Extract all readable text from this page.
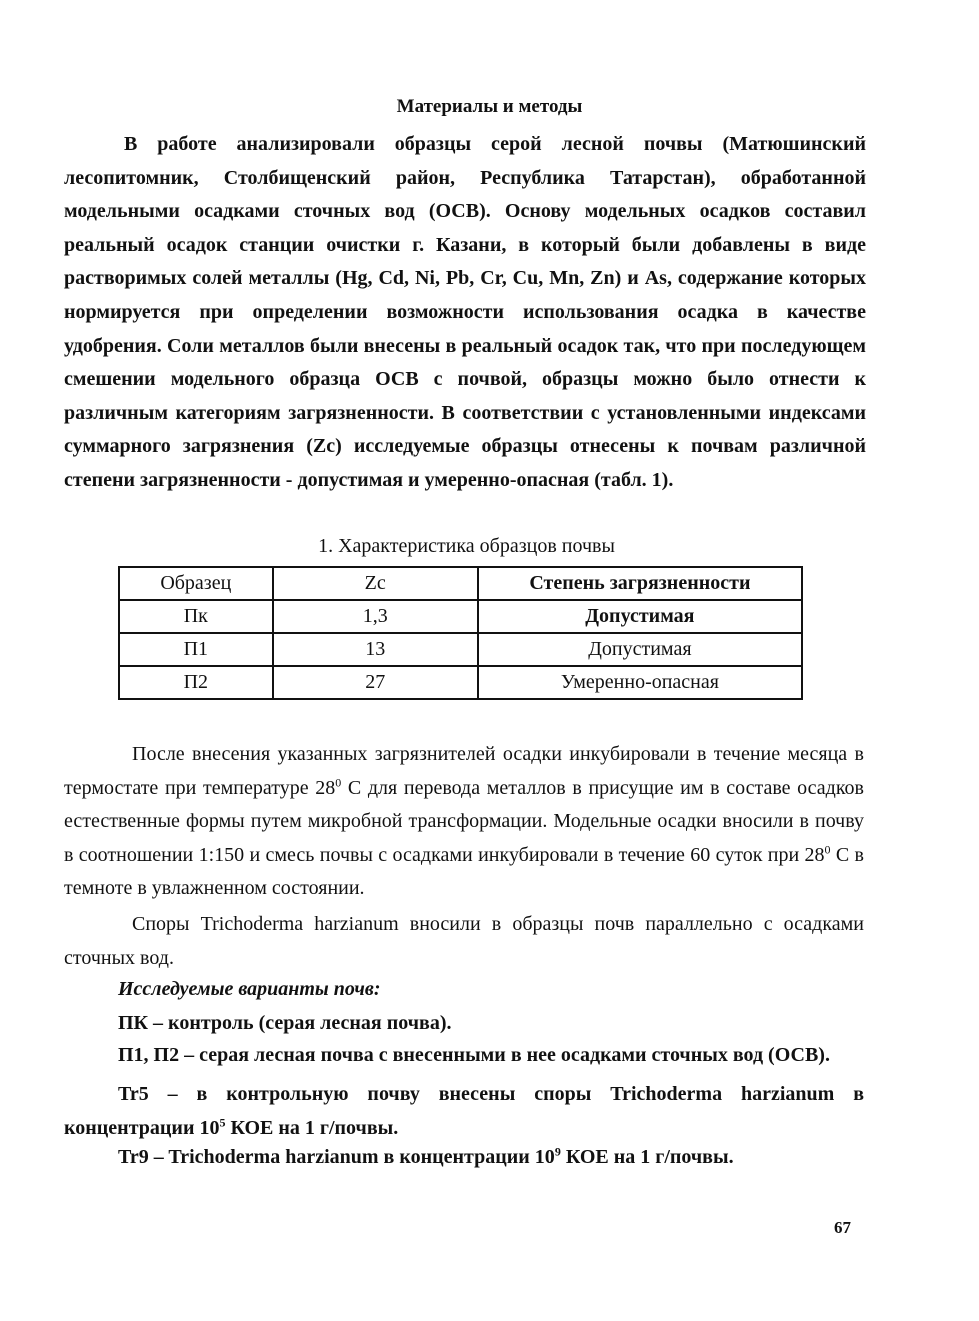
Материалы и методы
В работе анализировали образцы серой лесной почвы (Матюшинский лесопитомник, Столбищенский район, Республика Татарстан), обработанной модельными осадками сточных вод (ОСВ). Основу модельных осадков составил реальный осадок станции очистки г. Казани, в который были добавлены в виде растворимых солей металлы (Hg, Cd, Ni, Pb, Cr, Cu, Mn, Zn) и As, содержание которых нормируется при определении возможности использования осадка в качестве удобрения. Соли металлов были внесены в реальный осадок так, что при последующем смешении модельного образца ОСВ с почвой, образцы можно было отнести к различным категориям загрязненности. В соответствии с установленными индексами суммарного загрязнения (Zc) исследуемые образцы отнесены к почвам различной степени загрязненности - допустимая и умеренно-опасная (табл. 1).
1. Характеристика образцов почвы
Образец	Zc	Степень загрязненности
Пк	1,3	Допустимая
П1	13	Допустимая
П2	27	Умеренно-опасная
После внесения указанных загрязнителей осадки инкубировали в течение месяца в термостате при температуре $28^0$ С для перевода металлов в присущие им в составе осадков естественные формы путем микробной трансформации. Модельные осадки вносили в почву в соотношении 1:150 и смесь почвы с осадками инкубировали в течение 60 суток при $28^0$ С в темноте в увлажненном состоянии.
Споры Trichoderma harzianum вносили в образцы почв параллельно с осадками сточных вод.
Исследуемые варианты почв:
ПК – контроль (серая лесная почва).
П1, П2 – серая лесная почва с внесенными в нее осадками сточных вод (ОСВ).
Tr5 – в контрольную почву внесены споры Trichoderma harzianum в концентрации $10^5$ КОЕ на 1 г/почвы.
Tr9 – Trichoderma harzianum в концентрации $10^9$ КОЕ на 1 г/почвы.
67
